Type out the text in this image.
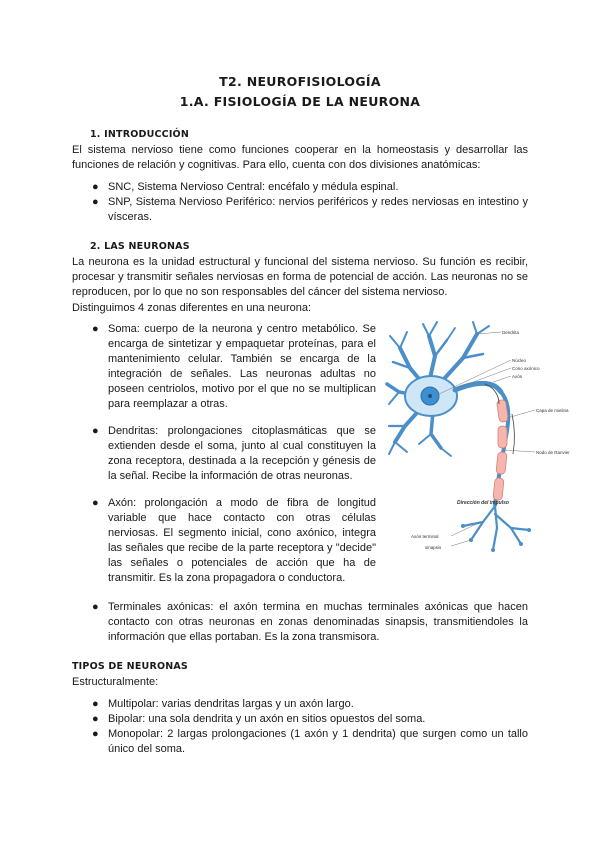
T2. NEUROFISIOLOGÍA
1.A. FISIOLOGÍA DE LA NEURONA
1. INTRODUCCIÓN
El sistema nervioso tiene como funciones cooperar en la homeostasis y desarrollar las funciones de relación y cognitivas. Para ello, cuenta con dos divisiones anatómicas:
● SNC, Sistema Nervioso Central: encéfalo y médula espinal.
● SNP, Sistema Nervioso Periférico: nervios periféricos y redes nerviosas en intestino y vísceras.
2. LAS NEURONAS
La neurona es la unidad estructural y funcional del sistema nervioso. Su función es recibir, procesar y transmitir señales nerviosas en forma de potencial de acción. Las neuronas no se reproducen, por lo que no son responsables del cáncer del sistema nervioso.
Distinguimos 4 zonas diferentes en una neurona:
● Soma: cuerpo de la neurona y centro metabólico. Se encarga de sintetizar y empaquetar proteínas, para el mantenimiento celular. También se encarga de la integración de señales. Las neuronas adultas no poseen centriolos, motivo por el que no se multiplican para reemplazar a otras.
● Dendritas: prolongaciones citoplasmáticas que se extienden desde el soma, junto al cual constituyen la zona receptora, destinada a la recepción y génesis de la señal. Recibe la información de otras neuronas.
● Axón: prolongación a modo de fibra de longitud variable que hace contacto con otras células nerviosas. El segmento inicial, cono axónico, integra las señales que recibe de la parte receptora y "decide" las señales o potenciales de acción que ha de transmitir. Es la zona propagadora o conductora.
● Terminales axónicas: el axón termina en muchas terminales axónicas que hacen contacto con otras neuronas en zonas denominadas sinapsis, transmitiendoles la información que ellas portaban. Es la zona transmisora.
Dendrita
Núcleo
Cono axónico
Axón
Capa de mielina
Nodo de Ranvier
Dirección del impulso
Axón terminal
sinapsis
TIPOS DE NEURONAS
Estructuralmente:
● Multipolar: varias dendritas largas y un axón largo.
● Bipolar: una sola dendrita y un axón en sitios opuestos del soma.
● Monopolar: 2 largas prolongaciones (1 axón y 1 dendrita) que surgen como un tallo único del soma.
